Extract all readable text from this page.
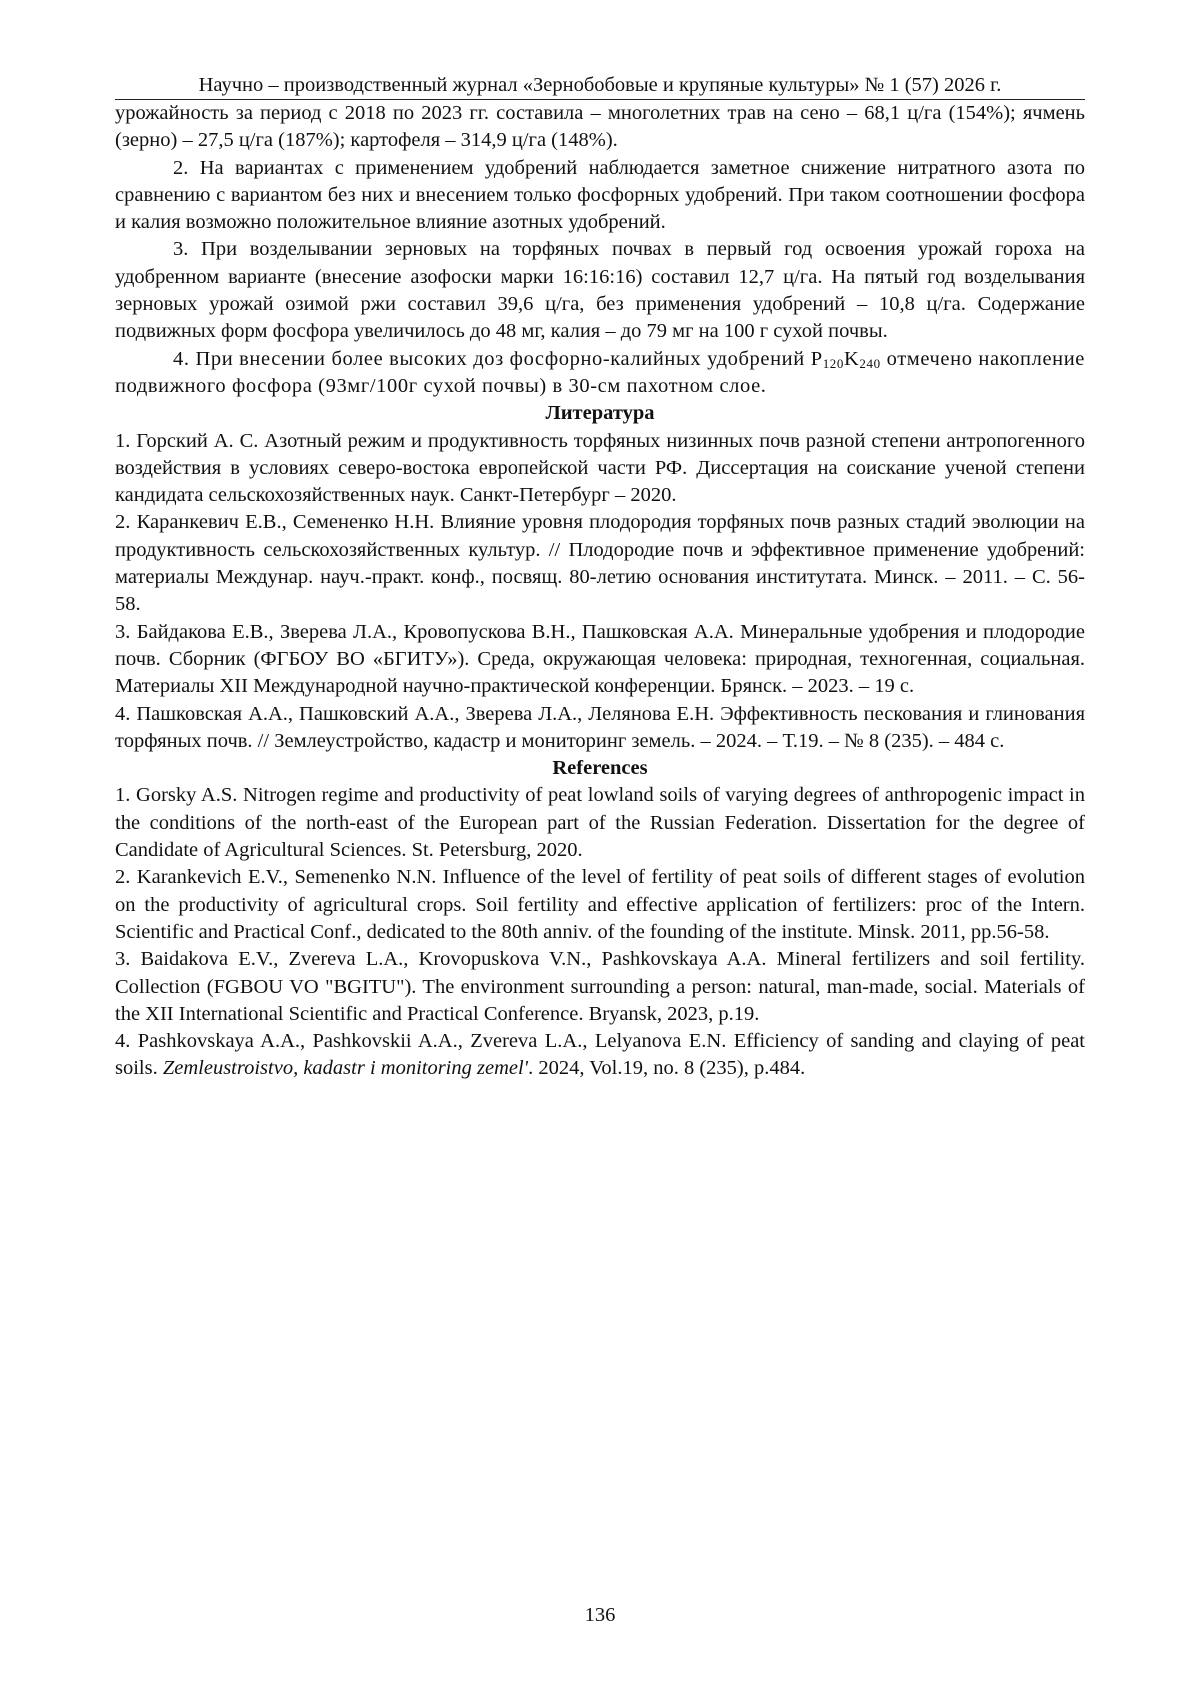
Научно – производственный журнал «Зернобобовые и крупяные культуры» № 1 (57) 2026 г.

урожайность за период с 2018 по 2023 гг. составила – многолетних трав на сено – 68,1 ц/га (154%); ячмень (зерно) – 27,5 ц/га (187%); картофеля – 314,9 ц/га (148%).

2. На вариантах с применением удобрений наблюдается заметное снижение нитратного азота по сравнению с вариантом без них и внесением только фосфорных удобрений. При таком соотношении фосфора и калия возможно положительное влияние азотных удобрений.

3. При возделывании зерновых на торфяных почвах в первый год освоения урожай гороха на удобренном варианте (внесение азофоски марки 16:16:16) составил 12,7 ц/га. На пятый год возделывания зерновых урожай озимой ржи составил 39,6 ц/га, без применения удобрений – 10,8 ц/га. Содержание подвижных форм фосфора увеличилось до 48 мг, калия – до 79 мг на 100 г сухой почвы.

4. При внесении более высоких доз фосфорно-калийных удобрений $P_{120}K_{240}$ отмечено накопление подвижного фосфора (93мг/100г сухой почвы) в 30-см пахотном слое.

Литература

1. Горский А. С. Азотный режим и продуктивность торфяных низинных почв разной степени антропогенного воздействия в условиях северо-востока европейской части РФ. Диссертация на соискание ученой степени кандидата сельскохозяйственных наук. Санкт-Петербург – 2020.

2. Каранкевич Е.В., Семененко Н.Н. Влияние уровня плодородия торфяных почв разных стадий эволюции на продуктивность сельскохозяйственных культур. // Плодородие почв и эффективное применение удобрений: материалы Междунар. науч.-практ. конф., посвящ. 80-летию основания институтата. Минск. – 2011. – С. 56-58.

3. Байдакова Е.В., Зверева Л.А., Кровопускова В.Н., Пашковская А.А. Минеральные удобрения и плодородие почв. Сборник (ФГБОУ ВО «БГИТУ»). Среда, окружающая человека: природная, техногенная, социальная. Материалы XII Международной научно-практической конференции. Брянск. – 2023. – 19 с.

4. Пашковская А.А., Пашковский А.А., Зверева Л.А., Лелянова Е.Н. Эффективность пескования и глинования торфяных почв. // Землеустройство, кадастр и мониторинг земель. – 2024. – Т.19. – № 8 (235). – 484 с.

References

1. Gorsky A.S. Nitrogen regime and productivity of peat lowland soils of varying degrees of anthropogenic impact in the conditions of the north-east of the European part of the Russian Federation. Dissertation for the degree of Candidate of Agricultural Sciences. St. Petersburg, 2020.

2. Karankevich E.V., Semenenko N.N. Influence of the level of fertility of peat soils of different stages of evolution on the productivity of agricultural crops. Soil fertility and effective application of fertilizers: proc of the Intern. Scientific and Practical Conf., dedicated to the 80th anniv. of the founding of the institute. Minsk. 2011, pp.56-58.

3. Baidakova E.V., Zvereva L.A., Krovopuskova V.N., Pashkovskaya A.A. Mineral fertilizers and soil fertility. Collection (FGBOU VO "BGITU"). The environment surrounding a person: natural, man-made, social. Materials of the XII International Scientific and Practical Conference. Bryansk, 2023, p.19.

4. Pashkovskaya A.A., Pashkovskii A.A., Zvereva L.A., Lelyanova E.N. Efficiency of sanding and claying of peat soils. Zemleustroistvo, kadastr i monitoring zemel'. 2024, Vol.19, no. 8 (235), p.484.

136
